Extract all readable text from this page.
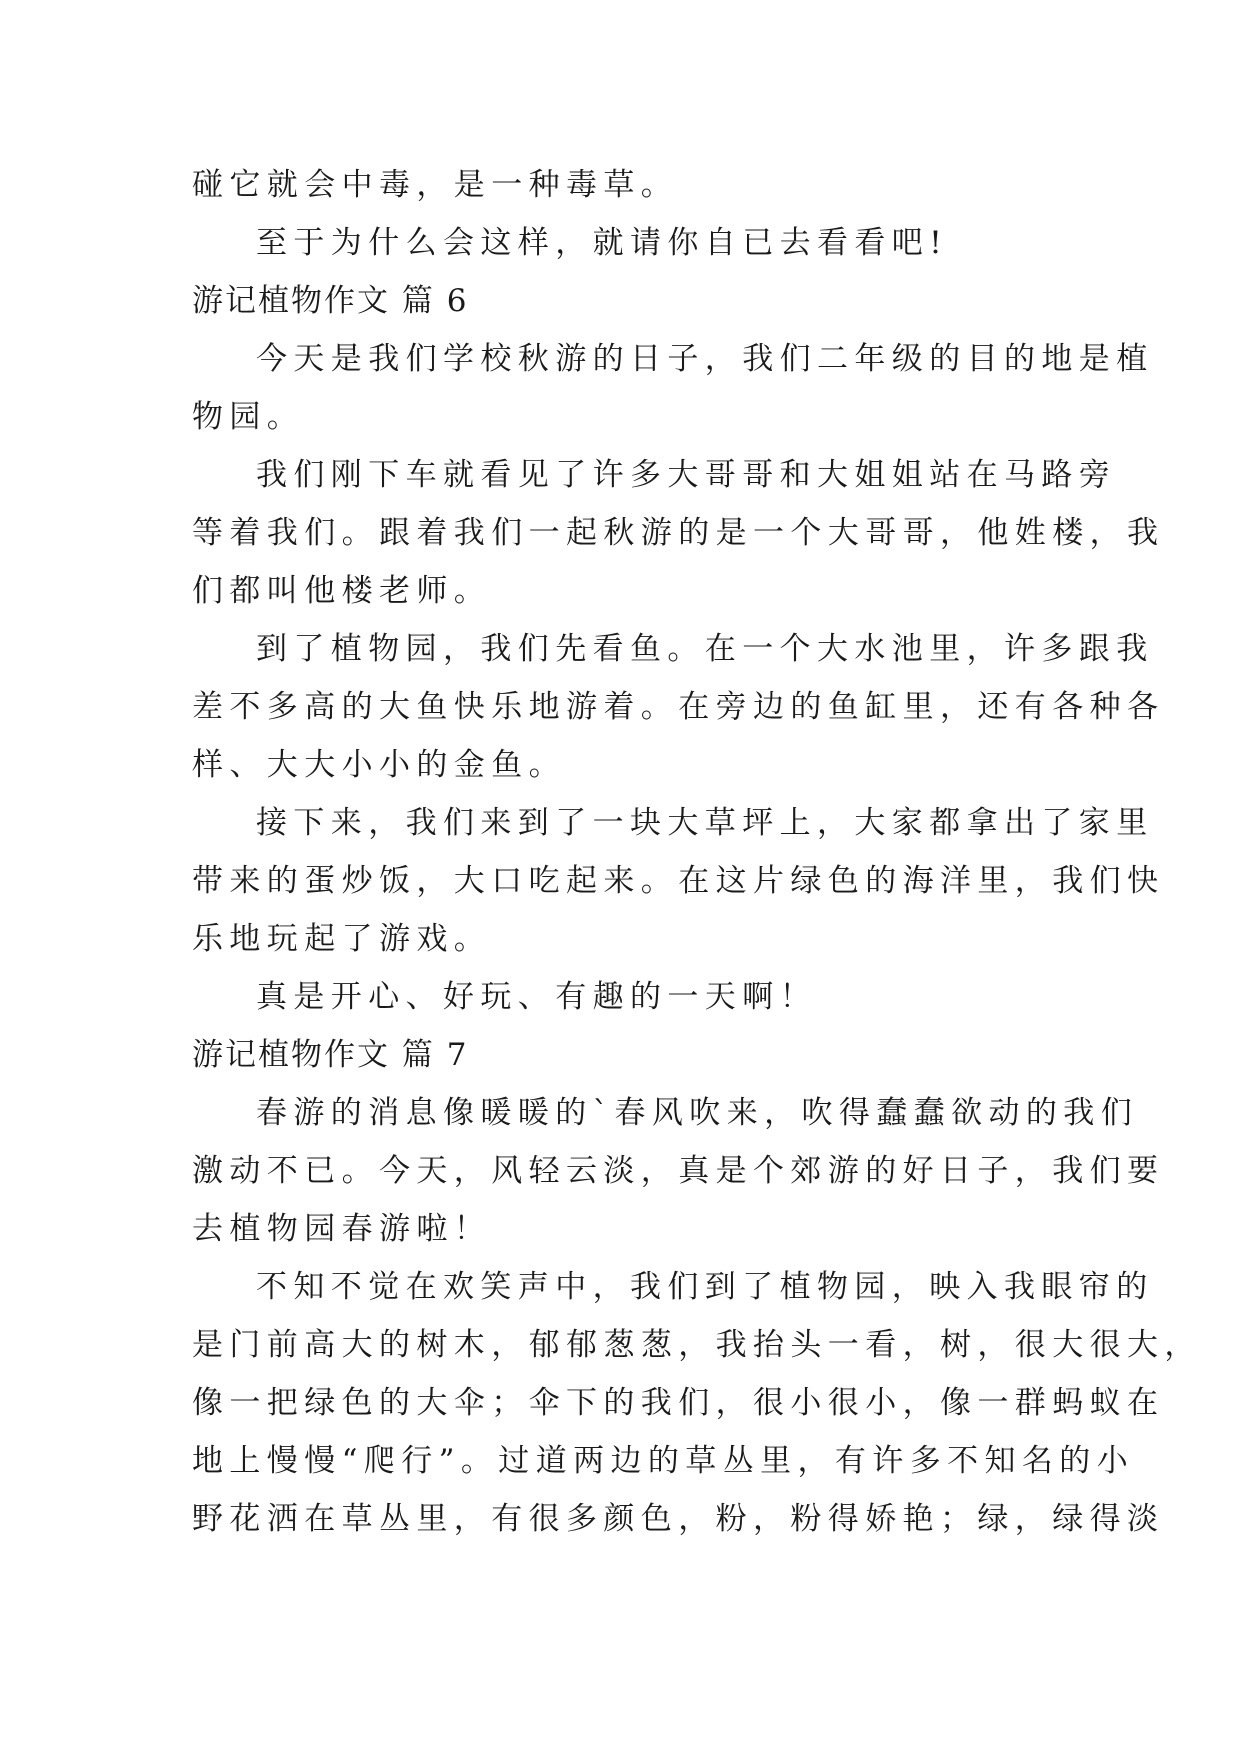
碰它就会中毒，是一种毒草。
至于为什么会这样，就请你自已去看看吧!
游记植物作文 篇 6
今天是我们学校秋游的日子，我们二年级的目的地是植
物园。
我们刚下车就看见了许多大哥哥和大姐姐站在马路旁
等着我们。跟着我们一起秋游的是一个大哥哥，他姓楼，我
们都叫他楼老师。
到了植物园，我们先看鱼。在一个大水池里，许多跟我
差不多高的大鱼快乐地游着。在旁边的鱼缸里，还有各种各
样、大大小小的金鱼。
接下来，我们来到了一块大草坪上，大家都拿出了家里
带来的蛋炒饭，大口吃起来。在这片绿色的海洋里，我们快
乐地玩起了游戏。
真是开心、好玩、有趣的一天啊！
游记植物作文 篇 7
春游的消息像暖暖的`春风吹来，吹得蠢蠢欲动的我们
激动不已。今天，风轻云淡，真是个郊游的好日子，我们要
去植物园春游啦！
不知不觉在欢笑声中，我们到了植物园，映入我眼帘的
是门前高大的树木，郁郁葱葱，我抬头一看，树，很大很大，
像一把绿色的大伞；伞下的我们，很小很小，像一群蚂蚁在
地上慢慢“爬行”。过道两边的草丛里，有许多不知名的小
野花洒在草丛里，有很多颜色，粉，粉得娇艳；绿，绿得淡
